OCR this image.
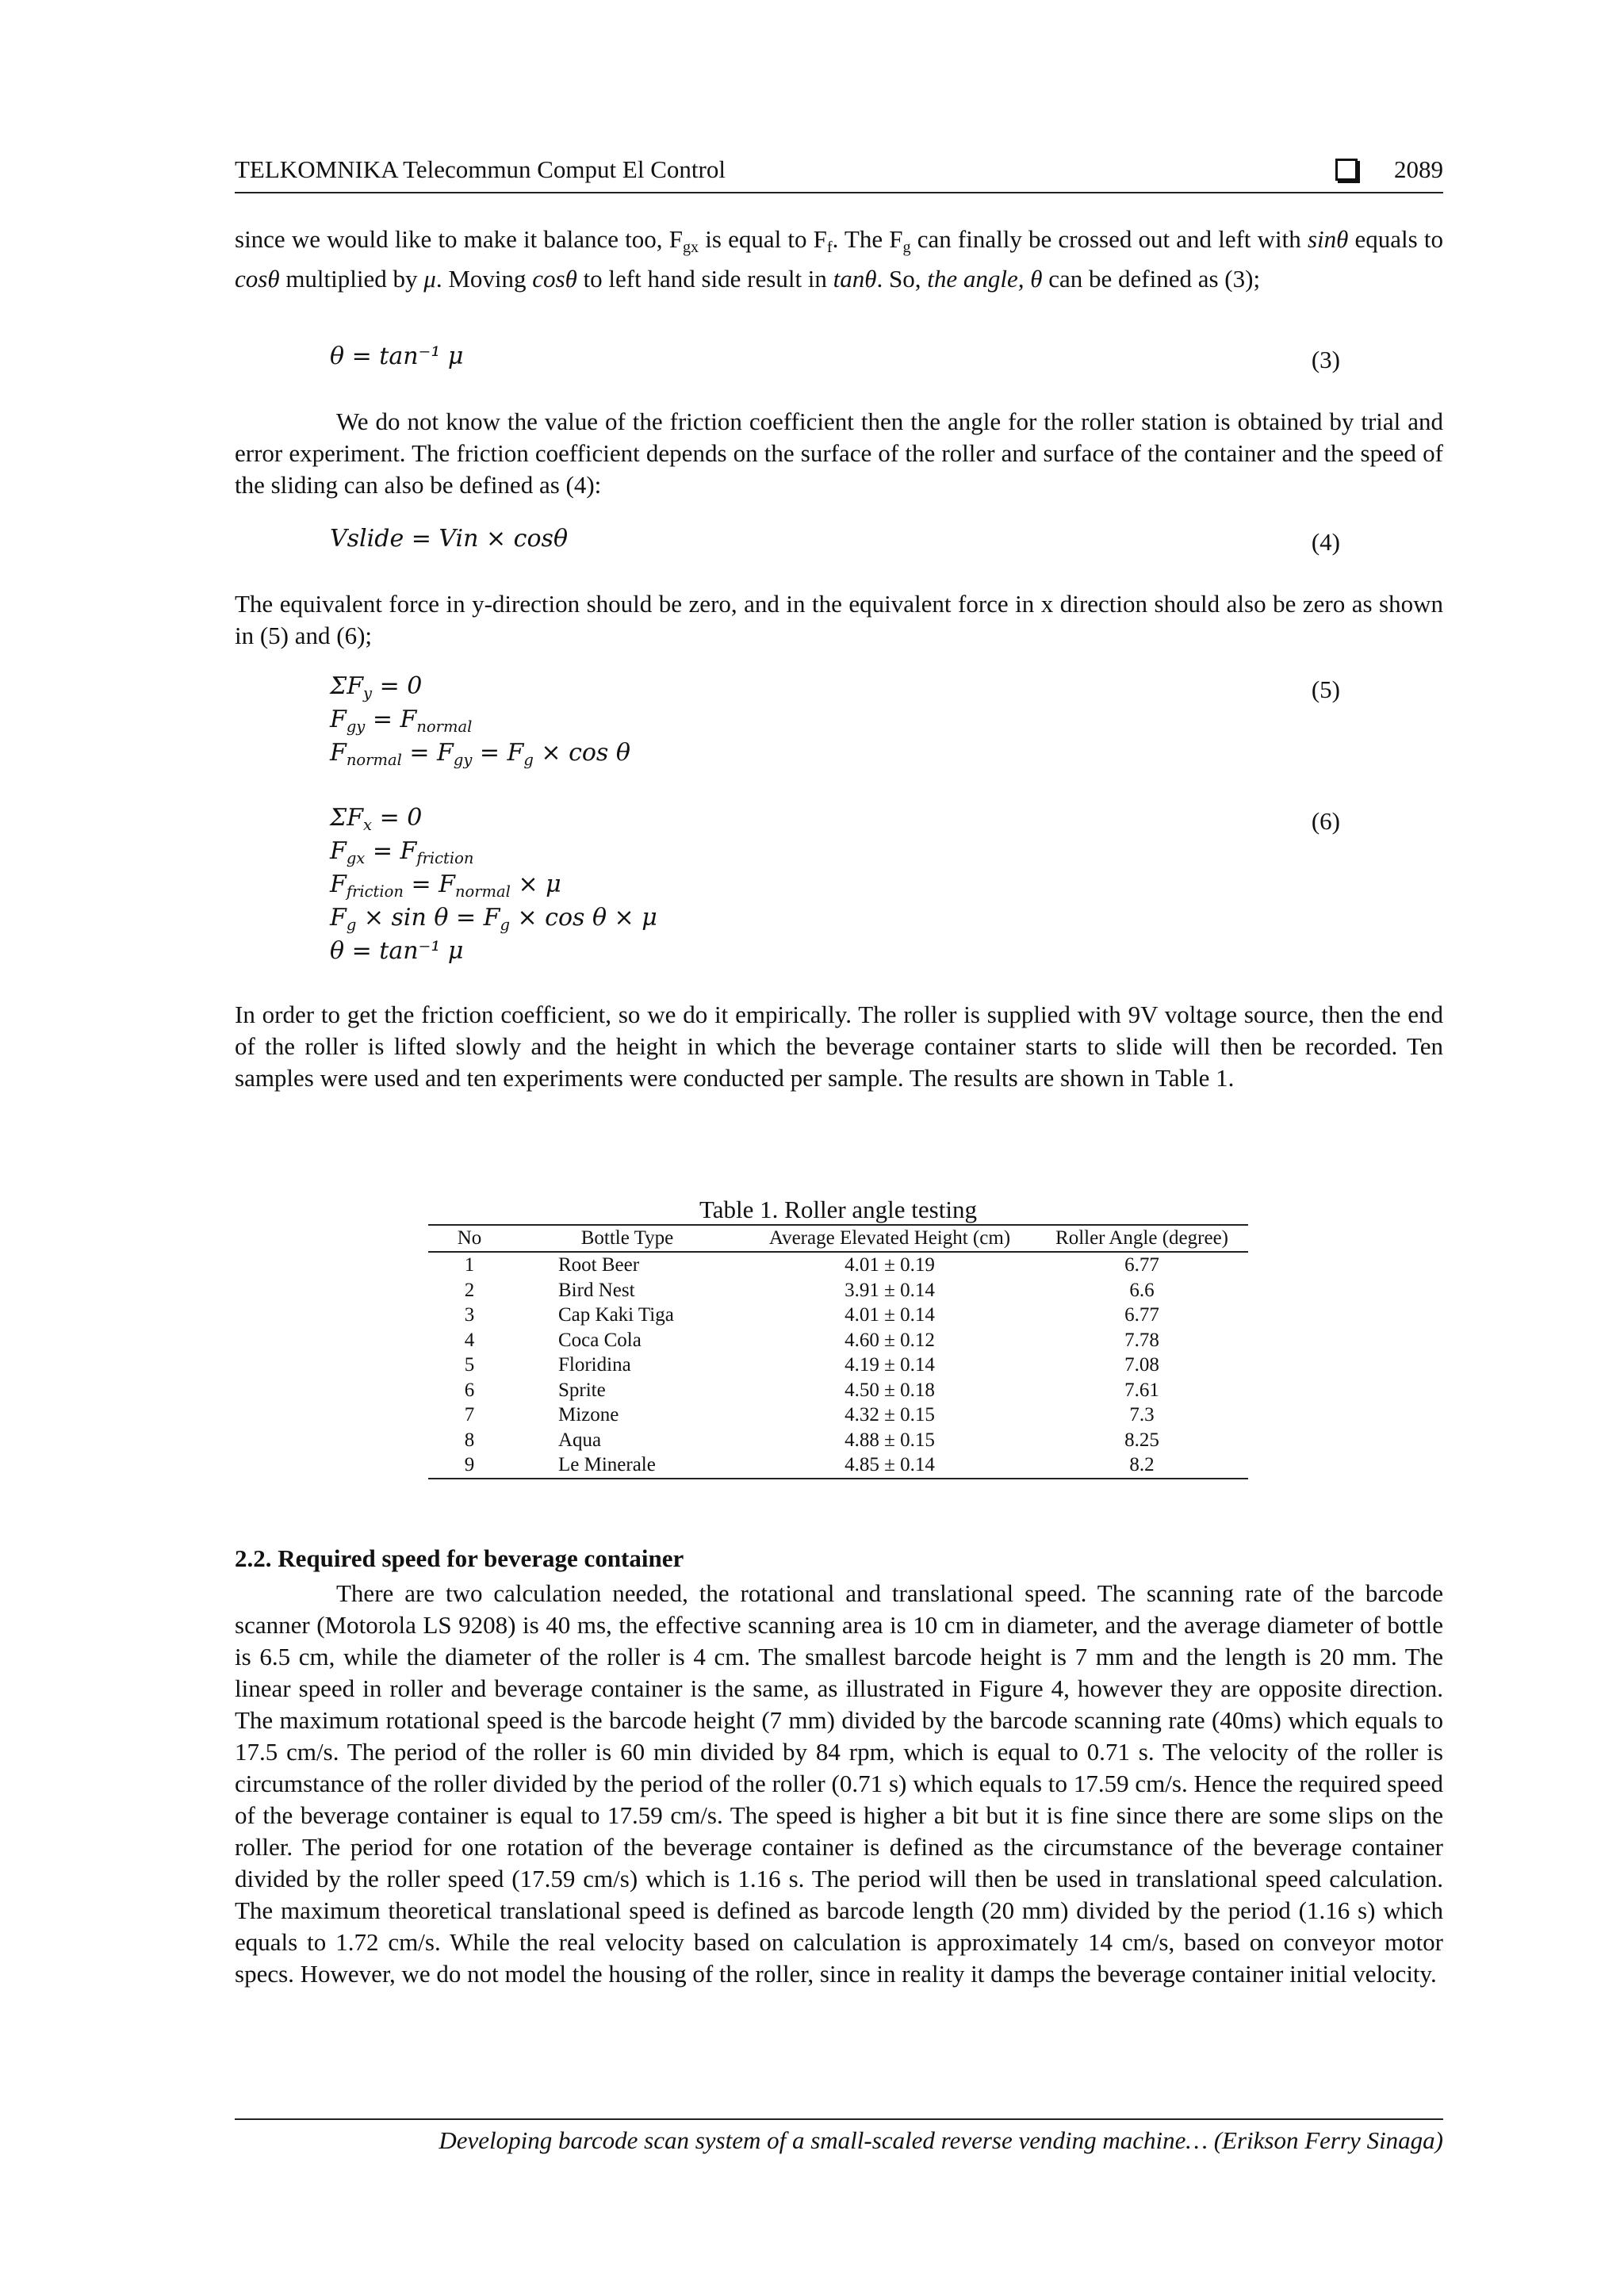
TELKOMNIKA Telecommun Comput El Control	2089
since we would like to make it balance too, $F_{gx}$ is equal to $F_f$. The $F_g$ can finally be crossed out and left with sinθ equals to cosθ multiplied by μ. Moving cosθ to left hand side result in tanθ. So, the angle, θ can be defined as (3);
θ = tan⁻¹ μ	(3)
We do not know the value of the friction coefficient then the angle for the roller station is obtained by trial and error experiment. The friction coefficient depends on the surface of the roller and surface of the container and the speed of the sliding can also be defined as (4):
Vslide = Vin × cosθ	(4)
The equivalent force in y-direction should be zero, and in the equivalent force in x direction should also be zero as shown in (5) and (6);
(5)
$\Sigma F_y = 0$
$F_{gy} = F_{normal}$
$F_{normal} = F_{gy} = F_g \times \cos \theta$
(6)
$\Sigma F_x = 0$
$F_{gx} = F_{friction}$
$F_{friction} = F_{normal} \times \mu$
$F_g \times \sin \theta = F_g \times \cos \theta \times \mu$
θ = tan⁻¹ μ
In order to get the friction coefficient, so we do it empirically. The roller is supplied with 9V voltage source, then the end of the roller is lifted slowly and the height in which the beverage container starts to slide will then be recorded. Ten samples were used and ten experiments were conducted per sample. The results are shown in Table 1.
Table 1. Roller angle testing
No	Bottle Type	Average Elevated Height (cm)	Roller Angle (degree)
1	Root Beer	4.01 ± 0.19	6.77
2	Bird Nest	3.91 ± 0.14	6.6
3	Cap Kaki Tiga	4.01 ± 0.14	6.77
4	Coca Cola	4.60 ± 0.12	7.78
5	Floridina	4.19 ± 0.14	7.08
6	Sprite	4.50 ± 0.18	7.61
7	Mizone	4.32 ± 0.15	7.3
8	Aqua	4.88 ± 0.15	8.25
9	Le Minerale	4.85 ± 0.14	8.2
2.2. Required speed for beverage container
There are two calculation needed, the rotational and translational speed. The scanning rate of the barcode scanner (Motorola LS 9208) is 40 ms, the effective scanning area is 10 cm in diameter, and the average diameter of bottle is 6.5 cm, while the diameter of the roller is 4 cm. The smallest barcode height is 7 mm and the length is 20 mm. The linear speed in roller and beverage container is the same, as illustrated in Figure 4, however they are opposite direction. The maximum rotational speed is the barcode height (7 mm) divided by the barcode scanning rate (40ms) which equals to 17.5 cm/s. The period of the roller is 60 min divided by 84 rpm, which is equal to 0.71 s. The velocity of the roller is circumstance of the roller divided by the period of the roller (0.71 s) which equals to 17.59 cm/s. Hence the required speed of the beverage container is equal to 17.59 cm/s. The speed is higher a bit but it is fine since there are some slips on the roller. The period for one rotation of the beverage container is defined as the circumstance of the beverage container divided by the roller speed (17.59 cm/s) which is 1.16 s. The period will then be used in translational speed calculation. The maximum theoretical translational speed is defined as barcode length (20 mm) divided by the period (1.16 s) which equals to 1.72 cm/s. While the real velocity based on calculation is approximately 14 cm/s, based on conveyor motor specs. However, we do not model the housing of the roller, since in reality it damps the beverage container initial velocity.
Developing barcode scan system of a small-scaled reverse vending machine… (Erikson Ferry Sinaga)
